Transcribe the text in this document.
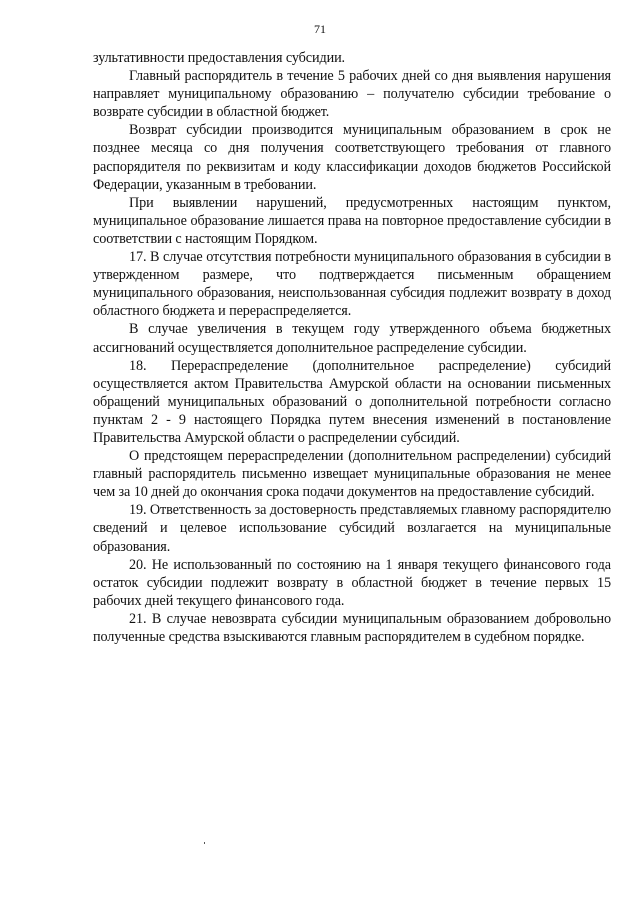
71

зультативности предоставления субсидии.

Главный распорядитель в течение 5 рабочих дней со дня выявления нарушения направляет муниципальному образованию – получателю субсидии требование о возврате субсидии в областной бюджет.

Возврат субсидии производится муниципальным образованием в срок не позднее месяца со дня получения соответствующего требования от главного распорядителя по реквизитам и коду классификации доходов бюджетов Российской Федерации, указанным в требовании.

При выявлении нарушений, предусмотренных настоящим пунктом, муниципальное образование лишается права на повторное предоставление субсидии в соответствии с настоящим Порядком.

17. В случае отсутствия потребности муниципального образования в субсидии в утвержденном размере, что подтверждается письменным обращением муниципального образования, неиспользованная субсидия подлежит возврату в доход областного бюджета и перераспределяется.

В случае увеличения в текущем году утвержденного объема бюджетных ассигнований осуществляется дополнительное распределение субсидии.

18. Перераспределение (дополнительное распределение) субсидий осуществляется актом Правительства Амурской области на основании письменных обращений муниципальных образований о дополнительной потребности согласно пунктам 2 - 9 настоящего Порядка путем внесения изменений в постановление Правительства Амурской области о распределении субсидий.

О предстоящем перераспределении (дополнительном распределении) субсидий главный распорядитель письменно извещает муниципальные образования не менее чем за 10 дней до окончания срока подачи документов на предоставление субсидий.

19. Ответственность за достоверность представляемых главному распорядителю сведений и целевое использование субсидий возлагается на муниципальные образования.

20. Не использованный по состоянию на 1 января текущего финансового года остаток субсидии подлежит возврату в областной бюджет в течение первых 15 рабочих дней текущего финансового года.

21. В случае невозврата субсидии муниципальным образованием добровольно полученные средства взыскиваются главным распорядителем в судебном порядке.
